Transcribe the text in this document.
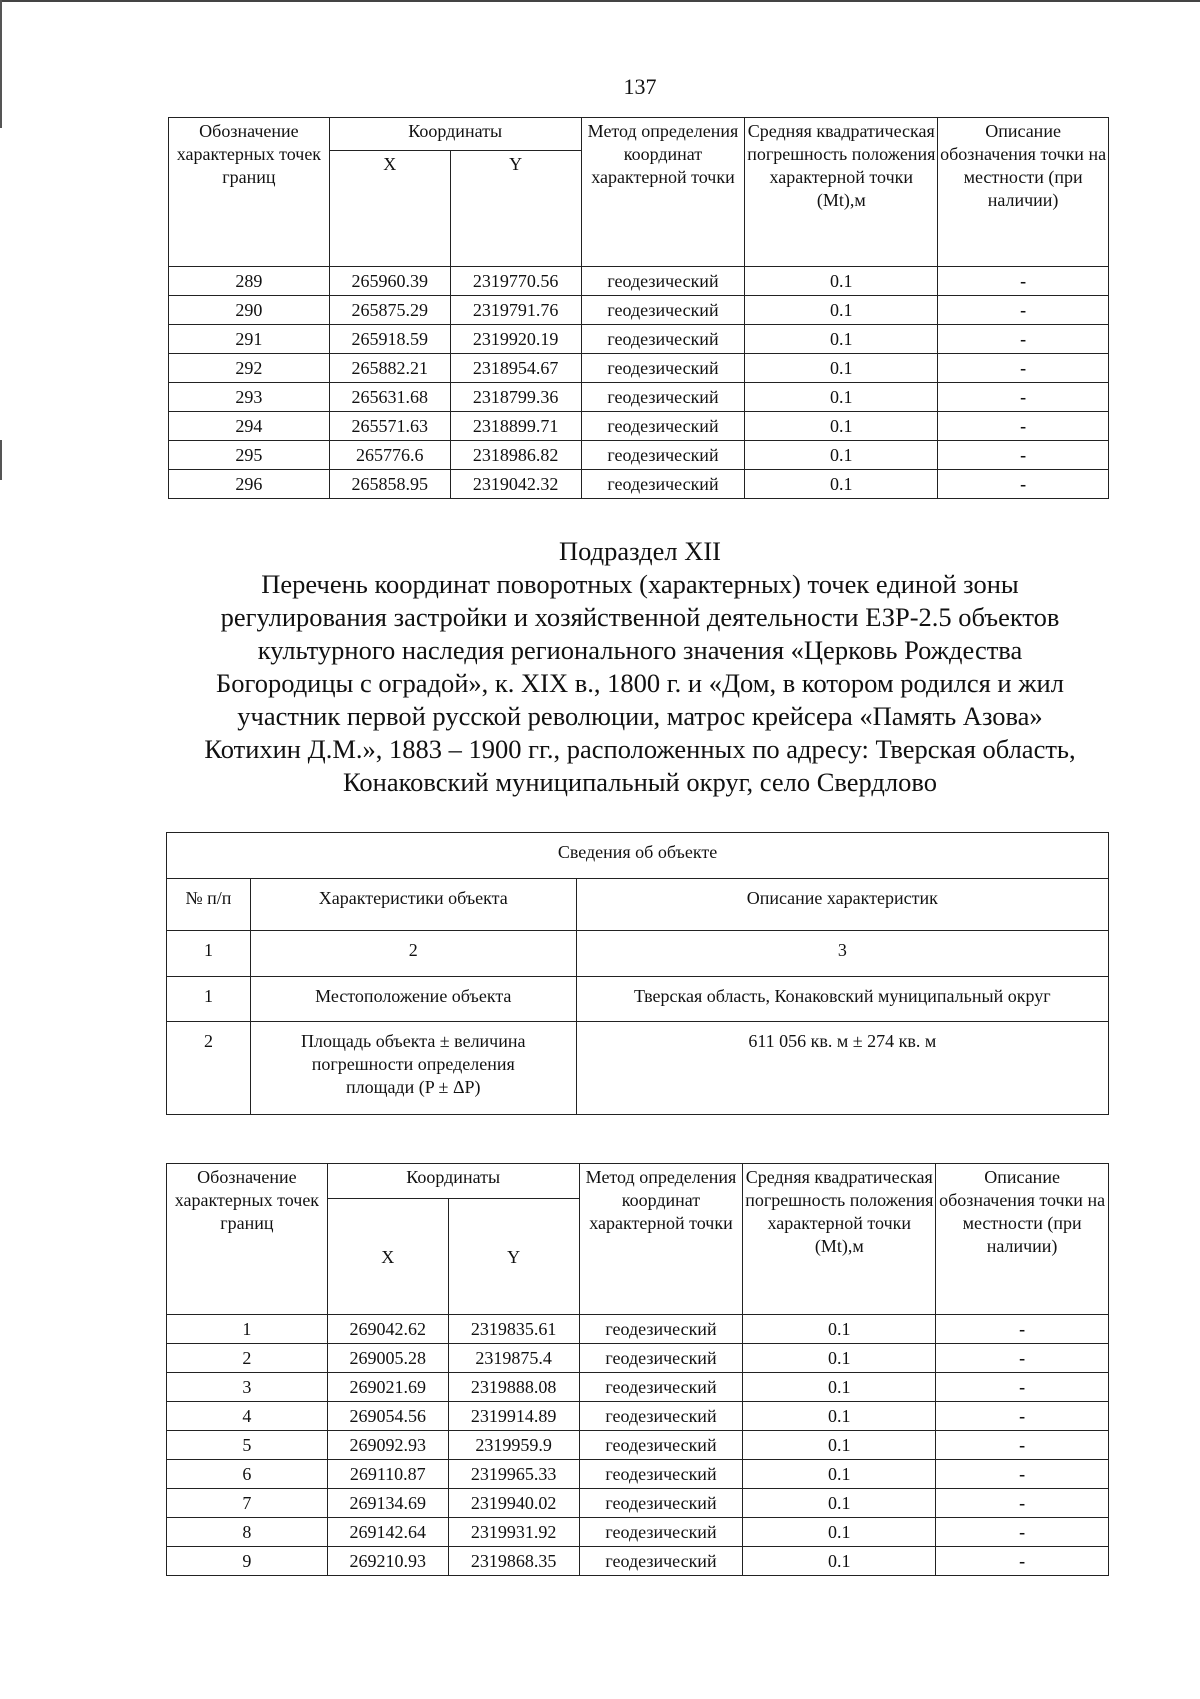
137
Обозначение характерных точек границ	Координаты		Метод определения координат характерной точки	Средняя квадратическая погрешность положения характерной точки (Mt),м	Описание обозначения точки на местности (при наличии)
	X	Y			
289	265960.39	2319770.56	геодезический	0.1	-
290	265875.29	2319791.76	геодезический	0.1	-
291	265918.59	2319920.19	геодезический	0.1	-
292	265882.21	2318954.67	геодезический	0.1	-
293	265631.68	2318799.36	геодезический	0.1	-
294	265571.63	2318899.71	геодезический	0.1	-
295	265776.6	2318986.82	геодезический	0.1	-
296	265858.95	2319042.32	геодезический	0.1	-
Подраздел XII
Перечень координат поворотных (характерных) точек единой зоны
регулирования застройки и хозяйственной деятельности ЕЗР-2.5 объектов
культурного наследия регионального значения «Церковь Рождества
Богородицы с оградой», к. XIX в., 1800 г. и «Дом, в котором родился и жил
участник первой русской революции, матрос крейсера «Память Азова»
Котихин Д.М.», 1883 – 1900 гг., расположенных по адресу: Тверская область,
Конаковский муниципальный округ, село Свердлово
Сведения об объекте		
№ п/п	Характеристики объекта	Описание характеристик
1	2	3
1	Местоположение объекта	Тверская область, Конаковский муниципальный округ
2	Площадь объекта ± величина погрешности определения площади (P ± ΔP)	611 056 кв. м ± 274 кв. м
Обозначение характерных точек границ	Координаты		Метод определения координат характерной точки	Средняя квадратическая погрешность положения характерной точки (Mt),м	Описание обозначения точки на местности (при наличии)
	X	Y			
1	269042.62	2319835.61	геодезический	0.1	-
2	269005.28	2319875.4	геодезический	0.1	-
3	269021.69	2319888.08	геодезический	0.1	-
4	269054.56	2319914.89	геодезический	0.1	-
5	269092.93	2319959.9	геодезический	0.1	-
6	269110.87	2319965.33	геодезический	0.1	-
7	269134.69	2319940.02	геодезический	0.1	-
8	269142.64	2319931.92	геодезический	0.1	-
9	269210.93	2319868.35	геодезический	0.1	-
